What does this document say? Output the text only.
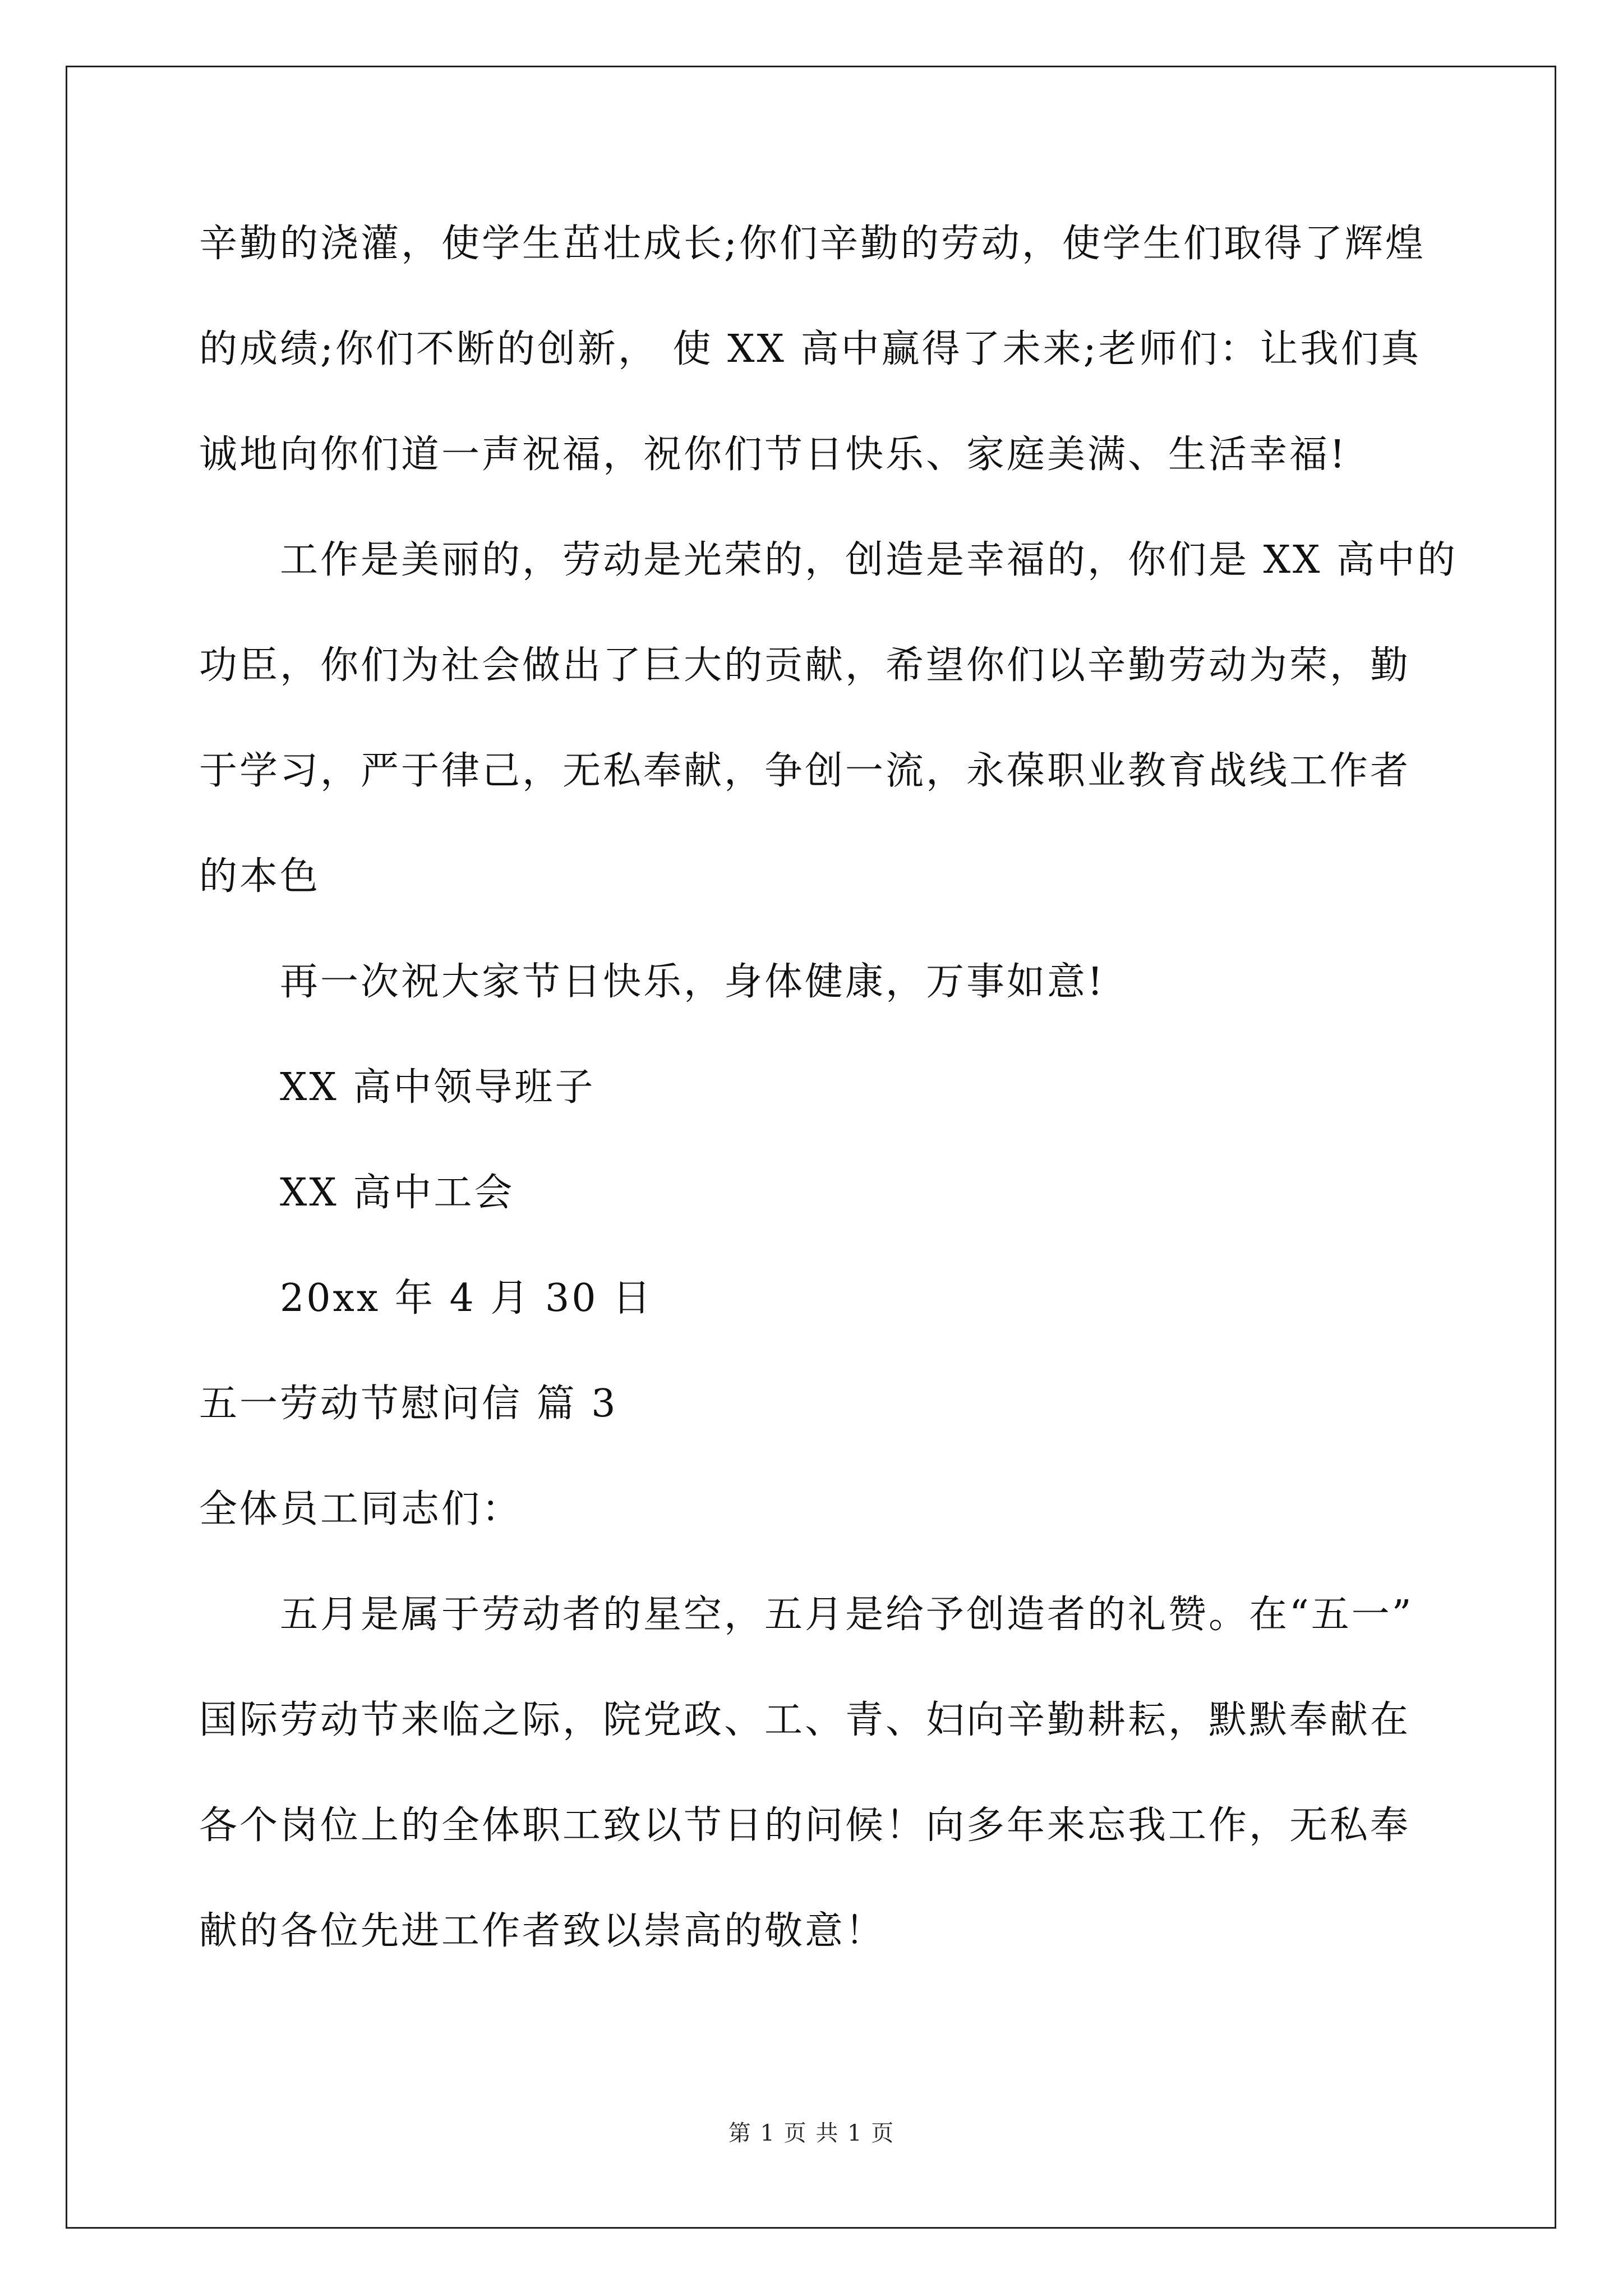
辛勤的浇灌，使学生茁壮成长;你们辛勤的劳动，使学生们取得了辉煌
的成绩;你们不断的创新， 使 XX 高中赢得了未来;老师们：让我们真
诚地向你们道一声祝福，祝你们节日快乐、家庭美满、生活幸福!
工作是美丽的，劳动是光荣的，创造是幸福的，你们是 XX 高中的
功臣，你们为社会做出了巨大的贡献，希望你们以辛勤劳动为荣，勤
于学习，严于律己，无私奉献，争创一流，永葆职业教育战线工作者
的本色
再一次祝大家节日快乐，身体健康，万事如意!
XX 高中领导班子
XX 高中工会
20xx 年 4 月 30 日
五一劳动节慰问信 篇 3
全体员工同志们：
五月是属于劳动者的星空，五月是给予创造者的礼赞。在“五一”
国际劳动节来临之际，院党政、工、青、妇向辛勤耕耘，默默奉献在
各个岗位上的全体职工致以节日的问候！向多年来忘我工作，无私奉
献的各位先进工作者致以崇高的敬意！
第 1 页 共 1 页
